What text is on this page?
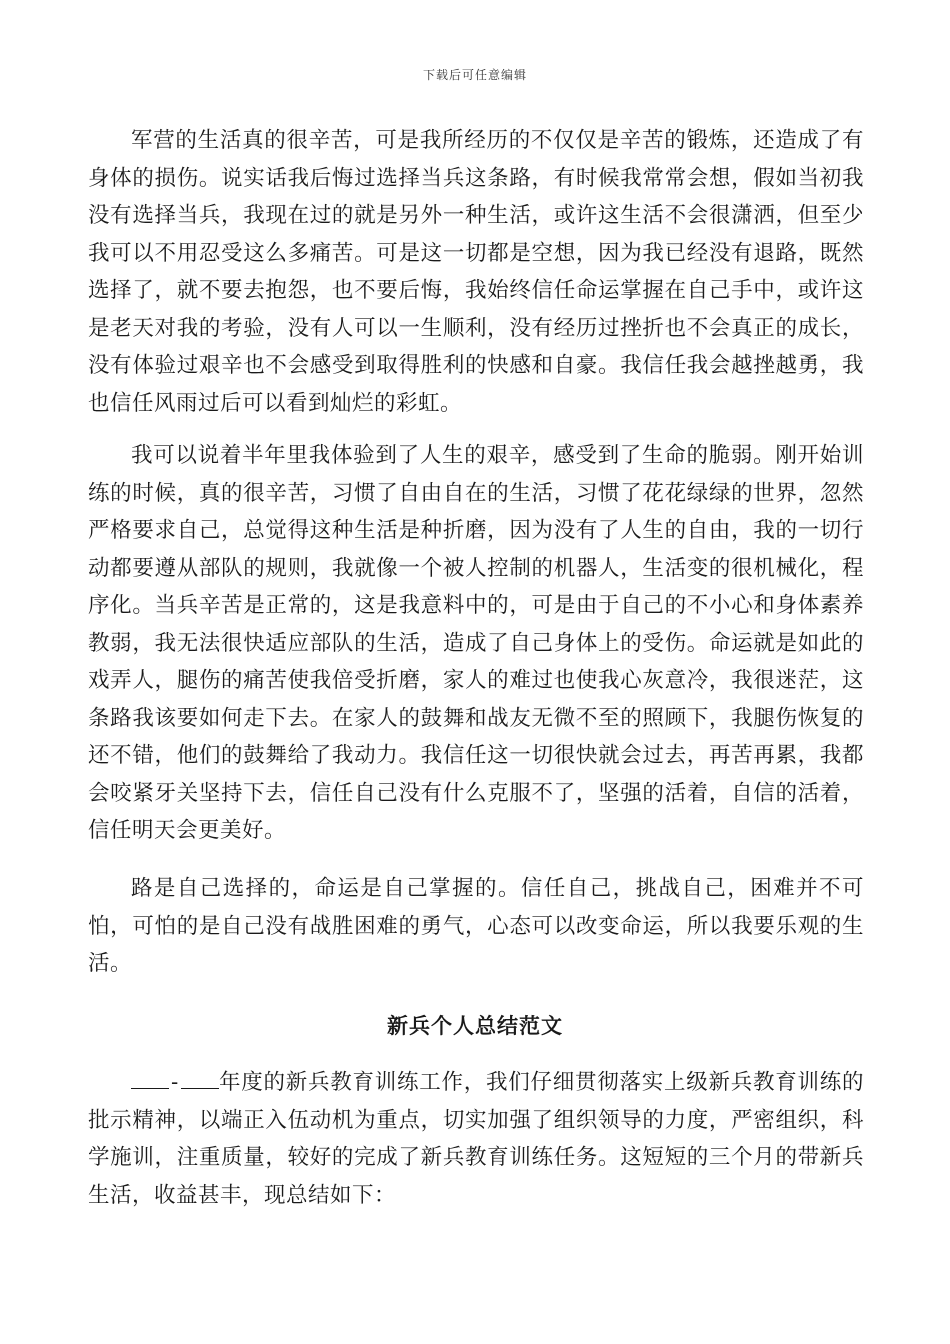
下载后可任意编辑

军营的生活真的很辛苦，可是我所经历的不仅仅是辛苦的锻炼，还造成了有身体的损伤。说实话我后悔过选择当兵这条路，有时候我常常会想，假如当初我没有选择当兵，我现在过的就是另外一种生活，或许这生活不会很潇洒，但至少我可以不用忍受这么多痛苦。可是这一切都是空想，因为我已经没有退路，既然选择了，就不要去抱怨，也不要后悔，我始终信任命运掌握在自己手中，或许这是老天对我的考验，没有人可以一生顺利，没有经历过挫折也不会真正的成长，没有体验过艰辛也不会感受到取得胜利的快感和自豪。我信任我会越挫越勇，我也信任风雨过后可以看到灿烂的彩虹。

我可以说着半年里我体验到了人生的艰辛，感受到了生命的脆弱。刚开始训练的时候，真的很辛苦，习惯了自由自在的生活，习惯了花花绿绿的世界，忽然严格要求自己，总觉得这种生活是种折磨，因为没有了人生的自由，我的一切行动都要遵从部队的规则，我就像一个被人控制的机器人，生活变的很机械化，程序化。当兵辛苦是正常的，这是我意料中的，可是由于自己的不小心和身体素养教弱，我无法很快适应部队的生活，造成了自己身体上的受伤。命运就是如此的戏弄人，腿伤的痛苦使我倍受折磨，家人的难过也使我心灰意冷，我很迷茫，这条路我该要如何走下去。在家人的鼓舞和战友无微不至的照顾下，我腿伤恢复的还不错，他们的鼓舞给了我动力。我信任这一切很快就会过去，再苦再累，我都会咬紧牙关坚持下去，信任自己没有什么克服不了，坚强的活着，自信的活着，信任明天会更美好。

路是自己选择的，命运是自己掌握的。信任自己，挑战自己，困难并不可怕，可怕的是自己没有战胜困难的勇气，心态可以改变命运，所以我要乐观的生活。

新兵个人总结范文

- 年度的新兵教育训练工作，我们仔细贯彻落实上级新兵教育训练的批示精神，以端正入伍动机为重点，切实加强了组织领导的力度，严密组织，科学施训，注重质量，较好的完成了新兵教育训练任务。这短短的三个月的带新兵生活，收益甚丰，现总结如下：
